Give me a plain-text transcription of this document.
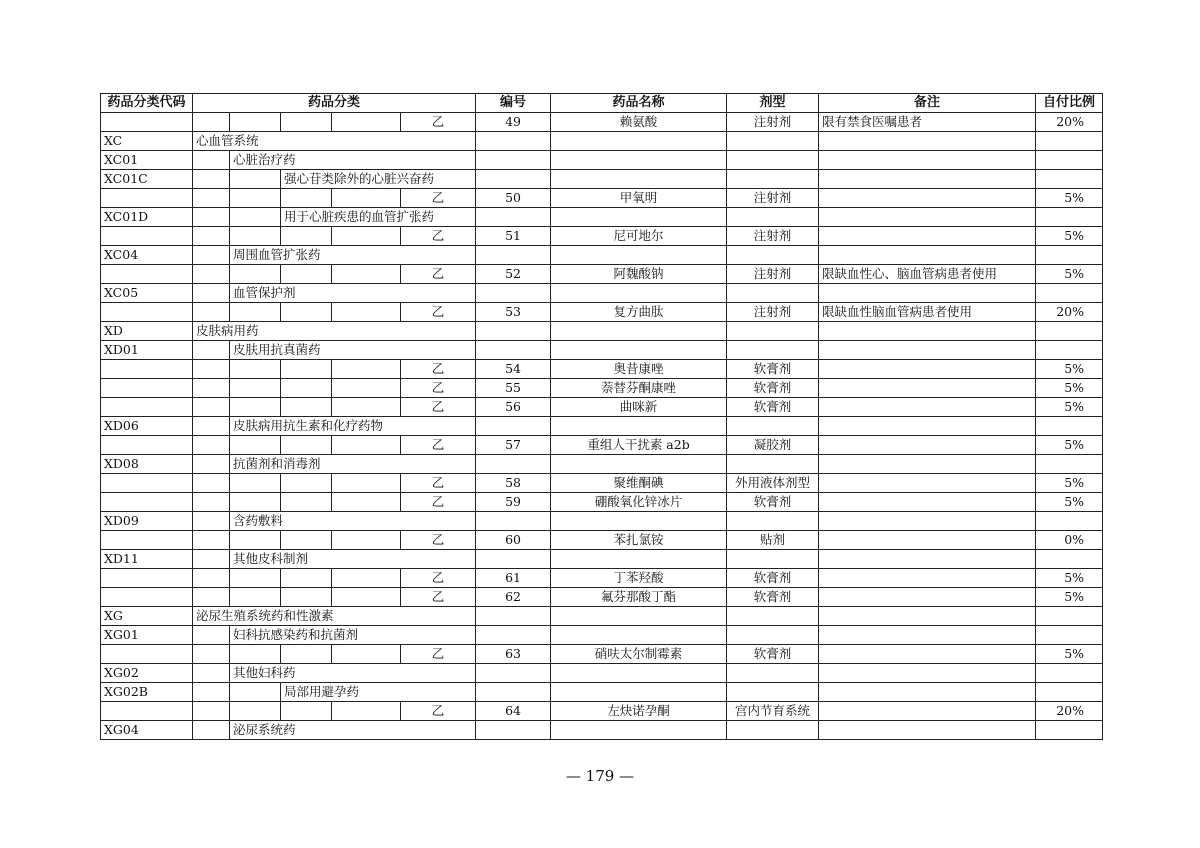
药品分类代码	药品分类					编号	药品名称	剂型	备注	自付比例
					乙	49	赖氨酸	注射剂	限有禁食医嘱患者	20%
XC	心血管系统									
XC01		心脏治疗药								
XC01C			强心苷类除外的心脏兴奋药							
					乙	50	甲氧明	注射剂		5%
XC01D			用于心脏疾患的血管扩张药							
					乙	51	尼可地尔	注射剂		5%
XC04		周围血管扩张药								
					乙	52	阿魏酸钠	注射剂	限缺血性心、脑血管病患者使用	5%
XC05		血管保护剂								
					乙	53	复方曲肽	注射剂	限缺血性脑血管病患者使用	20%
XD	皮肤病用药									
XD01		皮肤用抗真菌药								
					乙	54	奥昔康唑	软膏剂		5%
					乙	55	萘替芬酮康唑	软膏剂		5%
					乙	56	曲咪新	软膏剂		5%
XD06		皮肤病用抗生素和化疗药物								
					乙	57	重组人干扰素 a2b	凝胶剂		5%
XD08		抗菌剂和消毒剂								
					乙	58	聚维酮碘	外用液体剂型		5%
					乙	59	硼酸氧化锌冰片	软膏剂		5%
XD09		含药敷料								
					乙	60	苯扎氯铵	贴剂		0%
XD11		其他皮科制剂								
					乙	61	丁苯羟酸	软膏剂		5%
					乙	62	氟芬那酸丁酯	软膏剂		5%
XG	泌尿生殖系统药和性激素									
XG01		妇科抗感染药和抗菌剂								
					乙	63	硝呋太尔制霉素	软膏剂		5%
XG02		其他妇科药								
XG02B			局部用避孕药							
					乙	64	左炔诺孕酮	宫内节育系统		20%
XG04		泌尿系统药								
— 179 —
